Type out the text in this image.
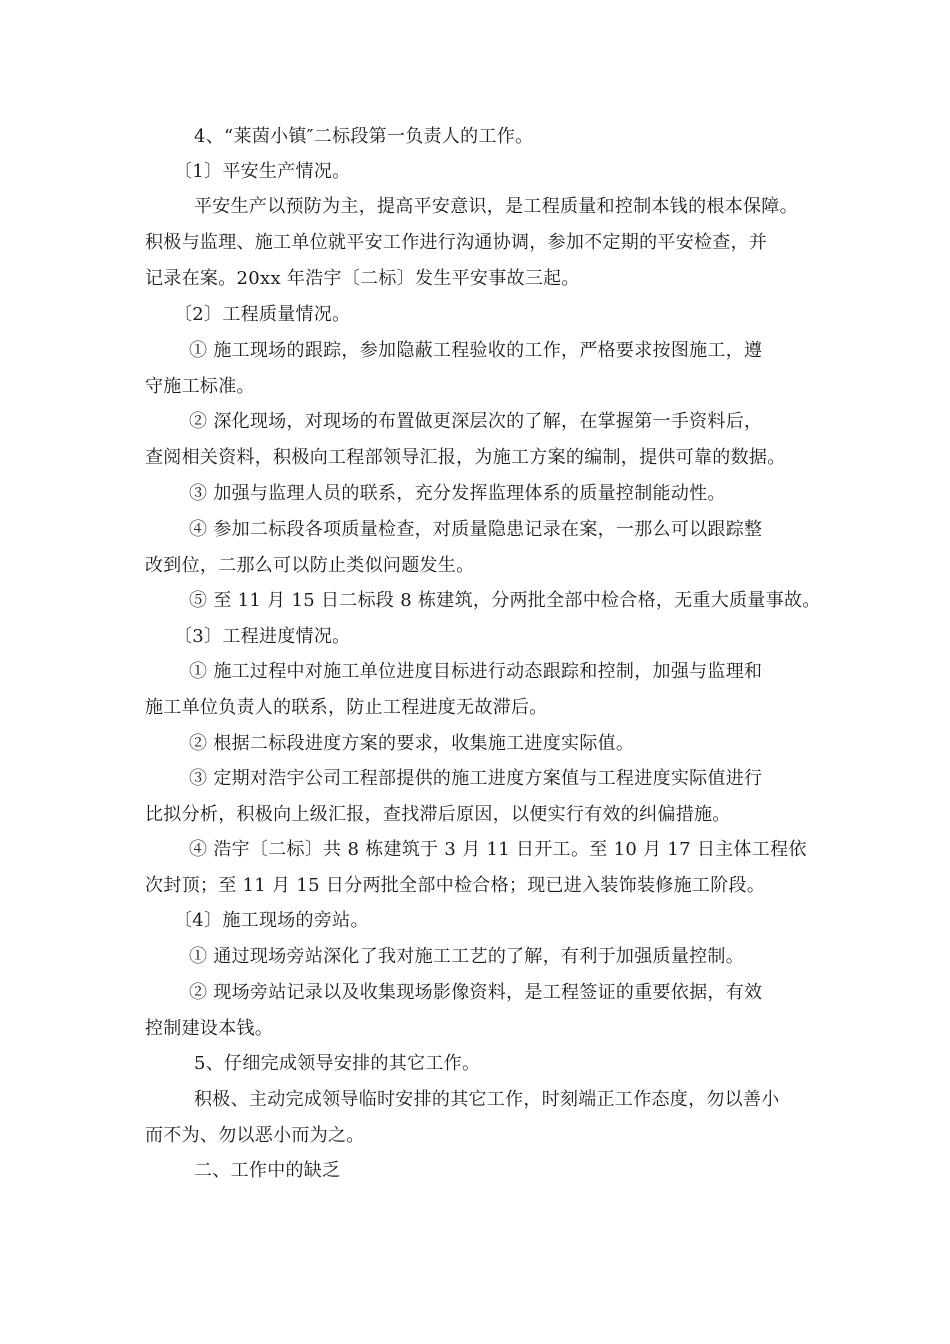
4、“莱茵小镇″二标段第一负责人的工作。
〔1〕平安生产情况。
平安生产以预防为主，提高平安意识，是工程质量和控制本钱的根本保障。
积极与监理、施工单位就平安工作进行沟通协调，参加不定期的平安检查，并
记录在案。20xx 年浩宇〔二标〕发生平安事故三起。
〔2〕工程质量情况。
① 施工现场的跟踪，参加隐蔽工程验收的工作，严格要求按图施工，遵
守施工标准。
② 深化现场，对现场的布置做更深层次的了解，在掌握第一手资料后，
查阅相关资料，积极向工程部领导汇报，为施工方案的编制，提供可靠的数据。
③ 加强与监理人员的联系，充分发挥监理体系的质量控制能动性。
④ 参加二标段各项质量检查，对质量隐患记录在案，一那么可以跟踪整
改到位，二那么可以防止类似问题发生。
⑤ 至 11 月 15 日二标段 8 栋建筑，分两批全部中检合格，无重大质量事故。
〔3〕工程进度情况。
① 施工过程中对施工单位进度目标进行动态跟踪和控制，加强与监理和
施工单位负责人的联系，防止工程进度无故滞后。
② 根据二标段进度方案的要求，收集施工进度实际值。
③ 定期对浩宇公司工程部提供的施工进度方案值与工程进度实际值进行
比拟分析，积极向上级汇报，查找滞后原因，以便实行有效的纠偏措施。
④ 浩宇〔二标〕共 8 栋建筑于 3 月 11 日开工。至 10 月 17 日主体工程依
次封顶；至 11 月 15 日分两批全部中检合格；现已进入装饰装修施工阶段。
〔4〕施工现场的旁站。
① 通过现场旁站深化了我对施工工艺的了解，有利于加强质量控制。
② 现场旁站记录以及收集现场影像资料，是工程签证的重要依据，有效
控制建设本钱。
5、仔细完成领导安排的其它工作。
积极、主动完成领导临时安排的其它工作，时刻端正工作态度，勿以善小
而不为、勿以恶小而为之。
二、工作中的缺乏
